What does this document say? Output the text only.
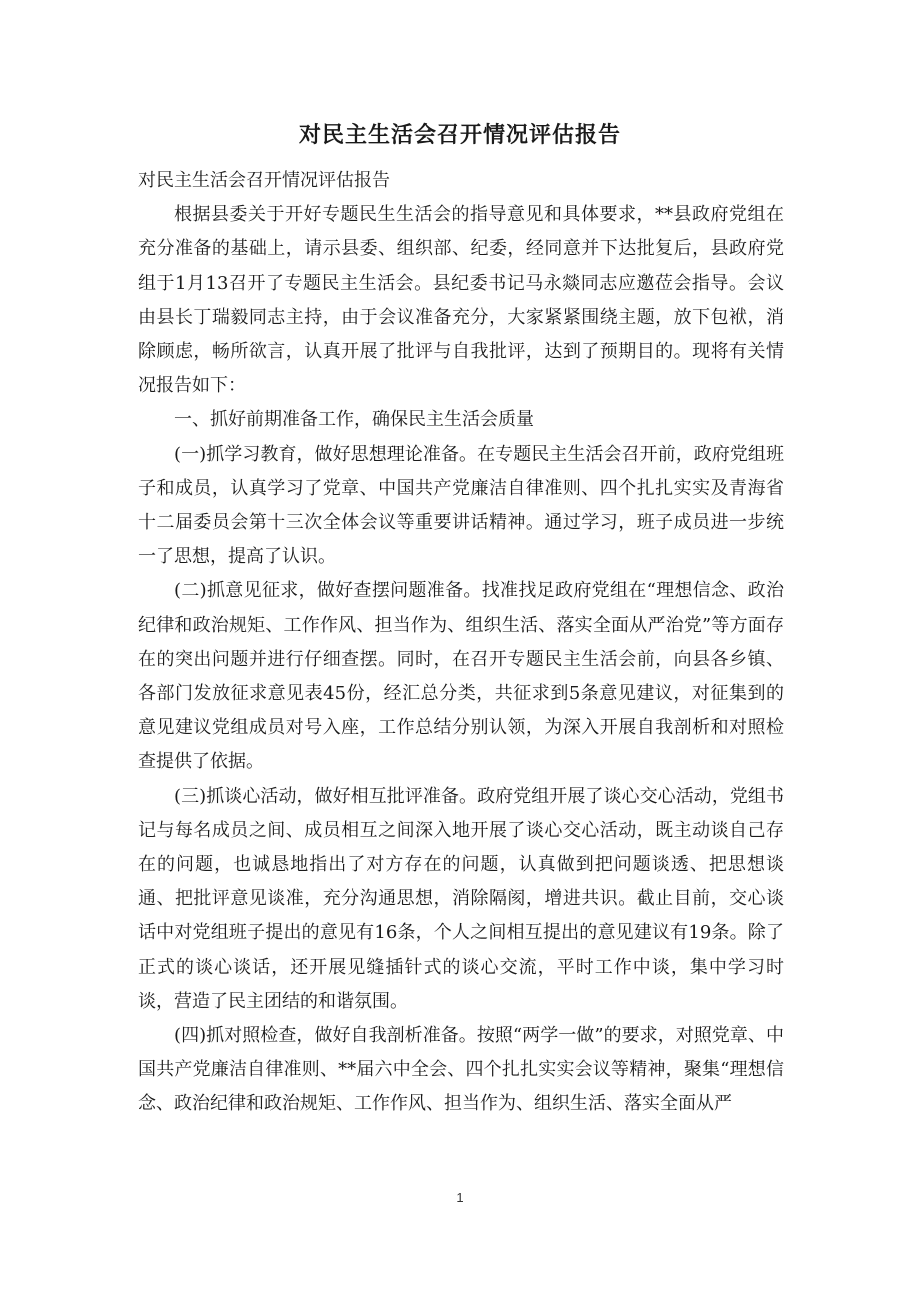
对民主生活会召开情况评估报告

对民主生活会召开情况评估报告

根据县委关于开好专题民生生活会的指导意见和具体要求，**县政府党组在充分准备的基础上，请示县委、组织部、纪委，经同意并下达批复后，县政府党组于1月13召开了专题民主生活会。县纪委书记马永燚同志应邀莅会指导。会议由县长丁瑞毅同志主持，由于会议准备充分，大家紧紧围绕主题，放下包袱，消除顾虑，畅所欲言，认真开展了批评与自我批评，达到了预期目的。现将有关情况报告如下：

一、抓好前期准备工作，确保民主生活会质量

(一)抓学习教育，做好思想理论准备。在专题民主生活会召开前，政府党组班子和成员，认真学习了党章、中国共产党廉洁自律准则、四个扎扎实实及青海省十二届委员会第十三次全体会议等重要讲话精神。通过学习，班子成员进一步统一了思想，提高了认识。

(二)抓意见征求，做好查摆问题准备。找准找足政府党组在“理想信念、政治纪律和政治规矩、工作作风、担当作为、组织生活、落实全面从严治党”等方面存在的突出问题并进行仔细查摆。同时，在召开专题民主生活会前，向县各乡镇、各部门发放征求意见表45份，经汇总分类，共征求到5条意见建议，对征集到的意见建议党组成员对号入座，工作总结分别认领，为深入开展自我剖析和对照检查提供了依据。

(三)抓谈心活动，做好相互批评准备。政府党组开展了谈心交心活动，党组书记与每名成员之间、成员相互之间深入地开展了谈心交心活动，既主动谈自己存在的问题，也诚恳地指出了对方存在的问题，认真做到把问题谈透、把思想谈通、把批评意见谈准，充分沟通思想，消除隔阂，增进共识。截止目前，交心谈话中对党组班子提出的意见有16条，个人之间相互提出的意见建议有19条。除了正式的谈心谈话，还开展见缝插针式的谈心交流，平时工作中谈，集中学习时谈，营造了民主团结的和谐氛围。

(四)抓对照检查，做好自我剖析准备。按照“两学一做”的要求，对照党章、中国共产党廉洁自律准则、**届六中全会、四个扎扎实实会议等精神，聚集“理想信念、政治纪律和政治规矩、工作作风、担当作为、组织生活、落实全面从严

1
